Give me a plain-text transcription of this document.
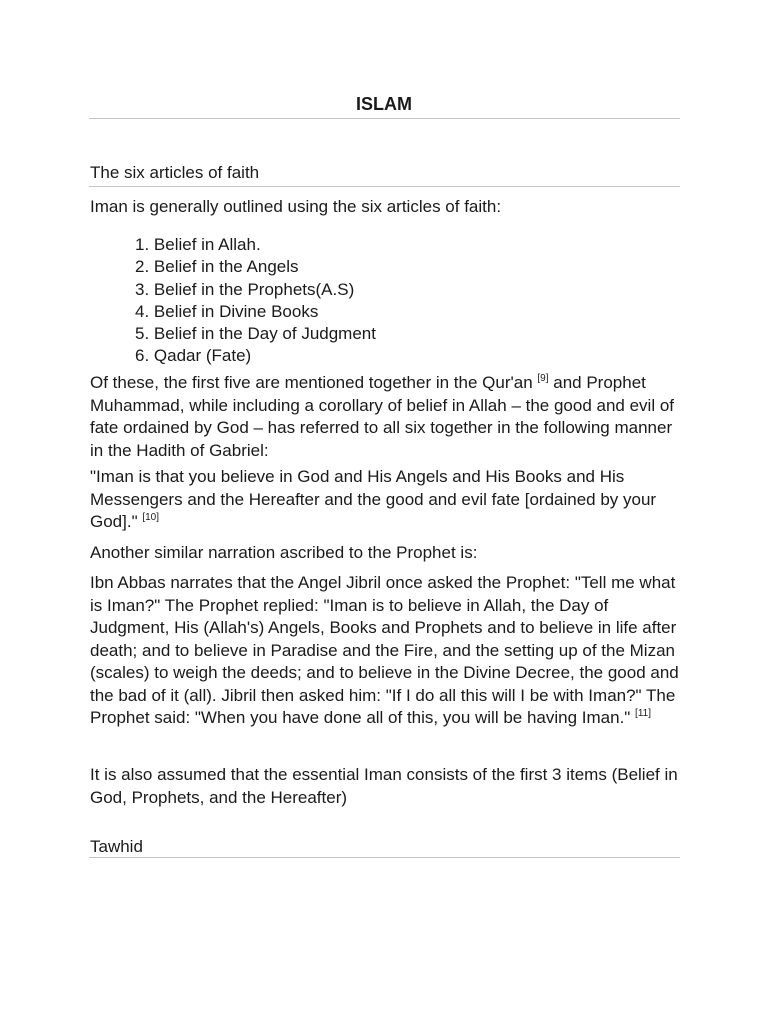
ISLAM
The six articles of faith

Iman is generally outlined using the six articles of faith:

1. Belief in Allah.
2. Belief in the Angels
3. Belief in the Prophets(A.S)
4. Belief in Divine Books
5. Belief in the Day of Judgment
6. Qadar (Fate)

Of these, the first five are mentioned together in the Qur'an [9] and Prophet Muhammad, while including a corollary of belief in Allah – the good and evil of fate ordained by God – has referred to all six together in the following manner in the Hadith of Gabriel:

"Iman is that you believe in God and His Angels and His Books and His Messengers and the Hereafter and the good and evil fate [ordained by your God]." [10]

Another similar narration ascribed to the Prophet is:

Ibn Abbas narrates that the Angel Jibril once asked the Prophet: "Tell me what is Iman?" The Prophet replied: "Iman is to believe in Allah, the Day of Judgment, His (Allah's) Angels, Books and Prophets and to believe in life after death; and to believe in Paradise and the Fire, and the setting up of the Mizan (scales) to weigh the deeds; and to believe in the Divine Decree, the good and the bad of it (all). Jibril then asked him: "If I do all this will I be with Iman?" The Prophet said: "When you have done all of this, you will be having Iman." [11]

It is also assumed that the essential Iman consists of the first 3 items (Belief in God, Prophets, and the Hereafter)

Tawhid
